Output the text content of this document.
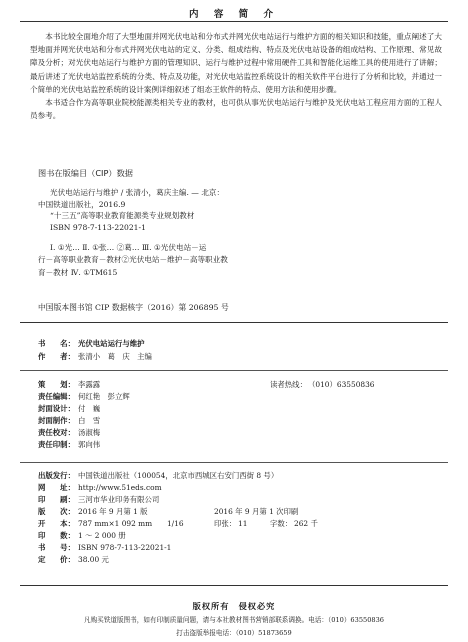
内 容 简 介

本书比较全面地介绍了大型地面并网光伏电站和分布式并网光伏电站运行与维护方面的相关知识和技能，重点阐述了大型地面并网光伏电站和分布式并网光伏电站的定义、分类、组成结构、特点及光伏电站设备的组成结构、工作原理、常见故障及分析；对光伏电站运行与维护方面的管理知识、运行与维护过程中常用硬件工具和智能化运维工具的使用进行了讲解；最后讲述了光伏电站监控系统的分类、特点及功能，对光伏电站监控系统设计的相关软件平台进行了分析和比较，并通过一个简单的光伏电站监控系统的设计案例详细叙述了组态王软件的特点、使用方法和使用步骤。

本书适合作为高等职业院校能源类相关专业的教材，也可供从事光伏电站运行与维护及光伏电站工程应用方面的工程人员参考。

图书在版编目（CIP）数据
光伏电站运行与维护 / 张清小，葛庆主编. — 北京：
中国铁道出版社，2016.9
“十三五”高等职业教育能源类专业规划教材
ISBN 978-7-113-22021-1
Ⅰ. ①光… Ⅱ. ①张… ②葛… Ⅲ. ①光伏电站－运
行－高等职业教育－教材②光伏电站－维护－高等职业教
育－教材 Ⅳ. ①TM615
中国版本图书馆 CIP 数据核字（2016）第 206895 号
书　　名： 光伏电站运行与维护
作　　者： 张清小　葛　庆　主编
策　　划： 李露露	读者热线： （010）63550836
责任编辑： 何红艳　彭立辉
封面设计： 付　巍
封面制作： 白　雪
责任校对： 汤淑梅
责任印制： 郭向伟
出版发行： 中国铁道出版社（100054，北京市西城区右安门西街 8 号）
网　　址： http://www.51eds.com
印　　刷： 三河市华业印务有限公司
版　　次： 2016 年 9 月第 1 版	2016 年 9 月第 1 次印刷
开　　本： 787 mm×1 092 mm　　1/16	印张： 11	字数： 262 千
印　　数： 1 ～ 2 000 册
书　　号： ISBN 978-7-113-22021-1
定　　价： 38.00 元
版权所有　侵权必究
凡购买铁道版图书，如有印制质量问题，请与本社教材图书营销部联系调换。电话：（010）63550836
打击盗版举报电话：（010）51873659
